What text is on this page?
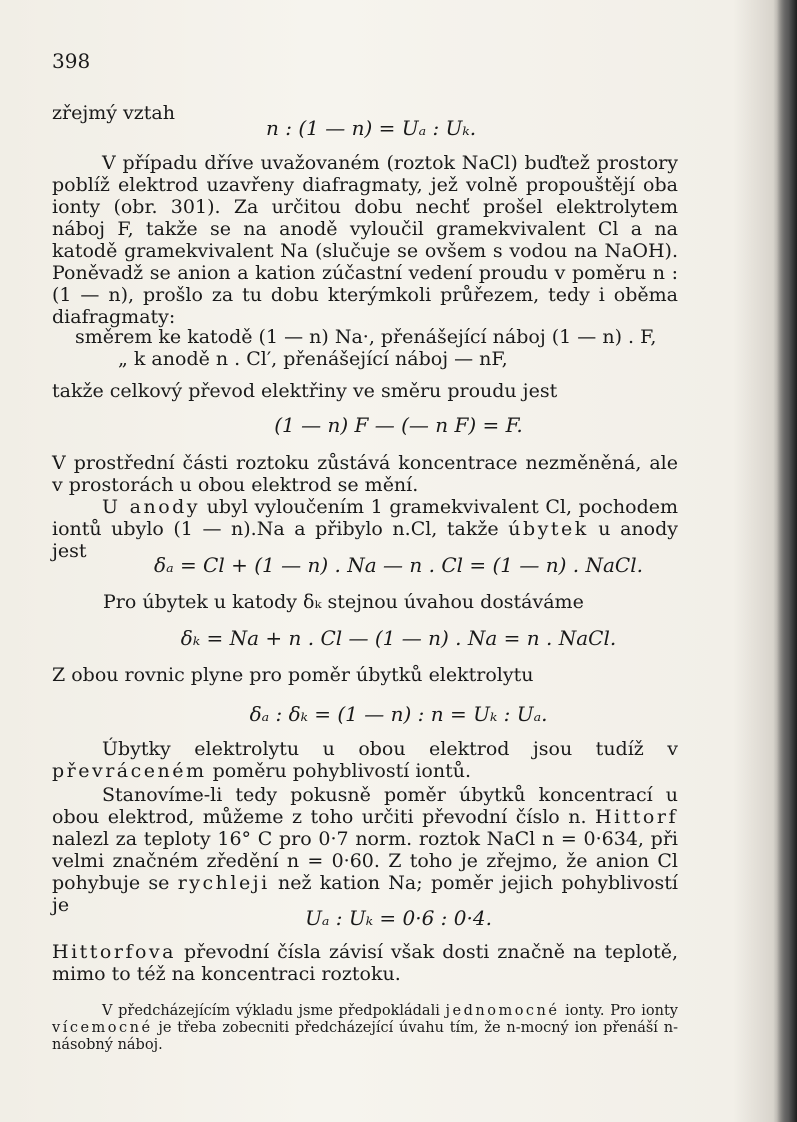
398
zřejmý vztah
n : (1 — n) = Uₐ : Uₖ.
V případu dříve uvažovaném (roztok NaCl) buďtež prostory poblíž elektrod uzavřeny diafragmaty, jež volně propouštějí oba ionty (obr. 301). Za určitou dobu nechť prošel elektrolytem náboj F, takže se na anodě vyloučil gramekvivalent Cl a na katodě gramekvivalent Na (slučuje se ovšem s vodou na NaOH). Poněvadž se anion a kation zúčastní vedení proudu v poměru n : (1 — n), prošlo za tu dobu kterýmkoli průřezem, tedy i oběma diafragmaty:
směrem ke katodě (1 — n) Na·, přenášející náboj (1 — n) . F,
„ k anodě n . Cl′, přenášející náboj — nF,
takže celkový převod elektřiny ve směru proudu jest
(1 — n) F — (— n F) = F.
V prostřední části roztoku zůstává koncentrace nezměněná, ale v prostorách u obou elektrod se mění.
U anody ubyl vyloučením 1 gramekvivalent Cl, pochodem iontů ubylo (1 — n).Na a přibylo n.Cl, takže úbytek u anody jest
δₐ = Cl + (1 — n) . Na — n . Cl = (1 — n) . NaCl.
Pro úbytek u katody δₖ stejnou úvahou dostáváme
δₖ = Na + n . Cl — (1 — n) . Na = n . NaCl.
Z obou rovnic plyne pro poměr úbytků elektrolytu
δₐ : δₖ = (1 — n) : n = Uₖ : Uₐ.
Úbytky elektrolytu u obou elektrod jsou tudíž v převráceném poměru pohyblivostí iontů.
Stanovíme-li tedy pokusně poměr úbytků koncentrací u obou elektrod, můžeme z toho určiti převodní číslo n. Hittorf nalezl za teploty 16° C pro 0·7 norm. roztok NaCl n = 0·634, při velmi značném zředění n = 0·60. Z toho je zřejmo, že anion Cl pohybuje se rychleji než kation Na; poměr jejich pohyblivostí je
Uₐ : Uₖ = 0·6 : 0·4.
Hittorfova převodní čísla závisí však dosti značně na teplotě, mimo to též na koncentraci roztoku.
V předcházejícím výkladu jsme předpokládali jednomocné ionty. Pro ionty vícemocné je třeba zobecniti předcházející úvahu tím, že n-mocný ion přenáší n-násobný náboj.
